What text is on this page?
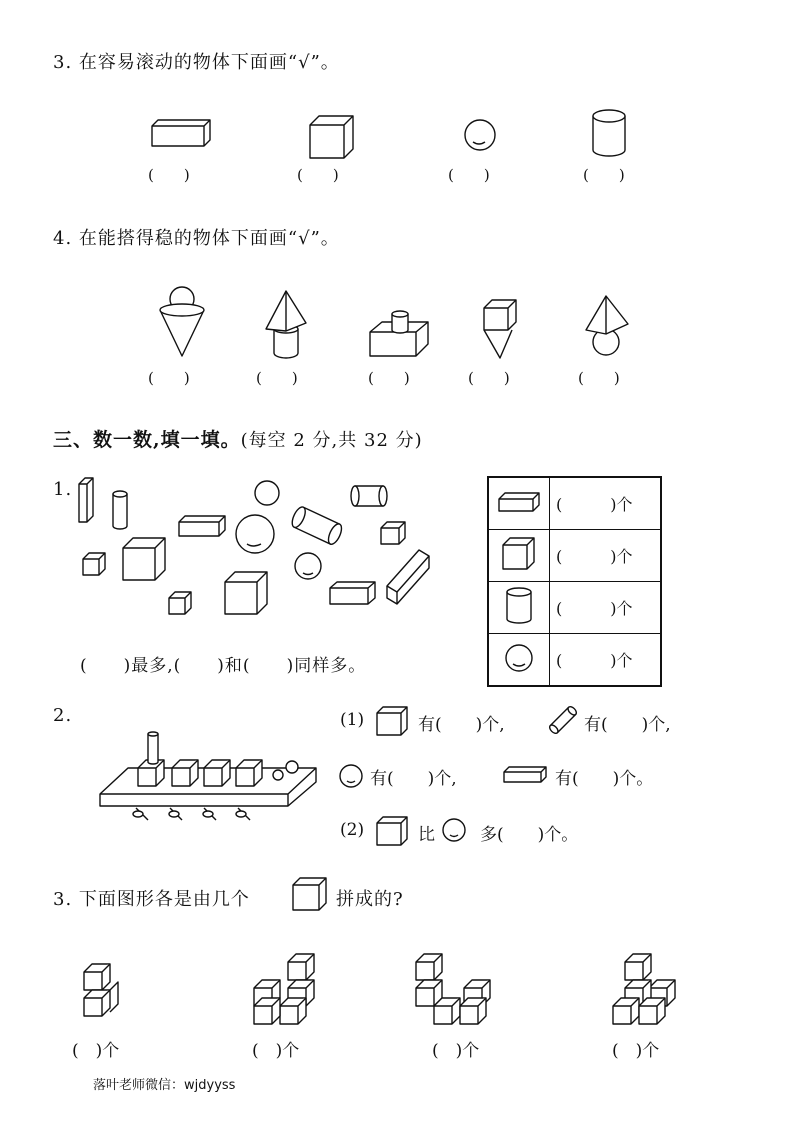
3. 在容易滚动的物体下面画“√”。
(　　)	(　　)	(　　)	(　　)
4. 在能搭得稳的物体下面画“√”。
(　　)	(　　)	(　　)	(　　)	(　　)
三、数一数,填一填。(每空 2 分,共 32 分)
1.
(　　)最多,(　　)和(　　)同样多。
	(　　　)个
	(　　　)个
	(　　　)个
	(　　　)个
2.	(1)	有(　　)个,	有(　　)个,
有(　　)个,	有(　　)个。
(2)	比	多(　　)个。
3. 下面图形各是由几个	拼成的?
(　)个	(　)个	(　)个	(　)个
落叶老师微信：wjdyyss
